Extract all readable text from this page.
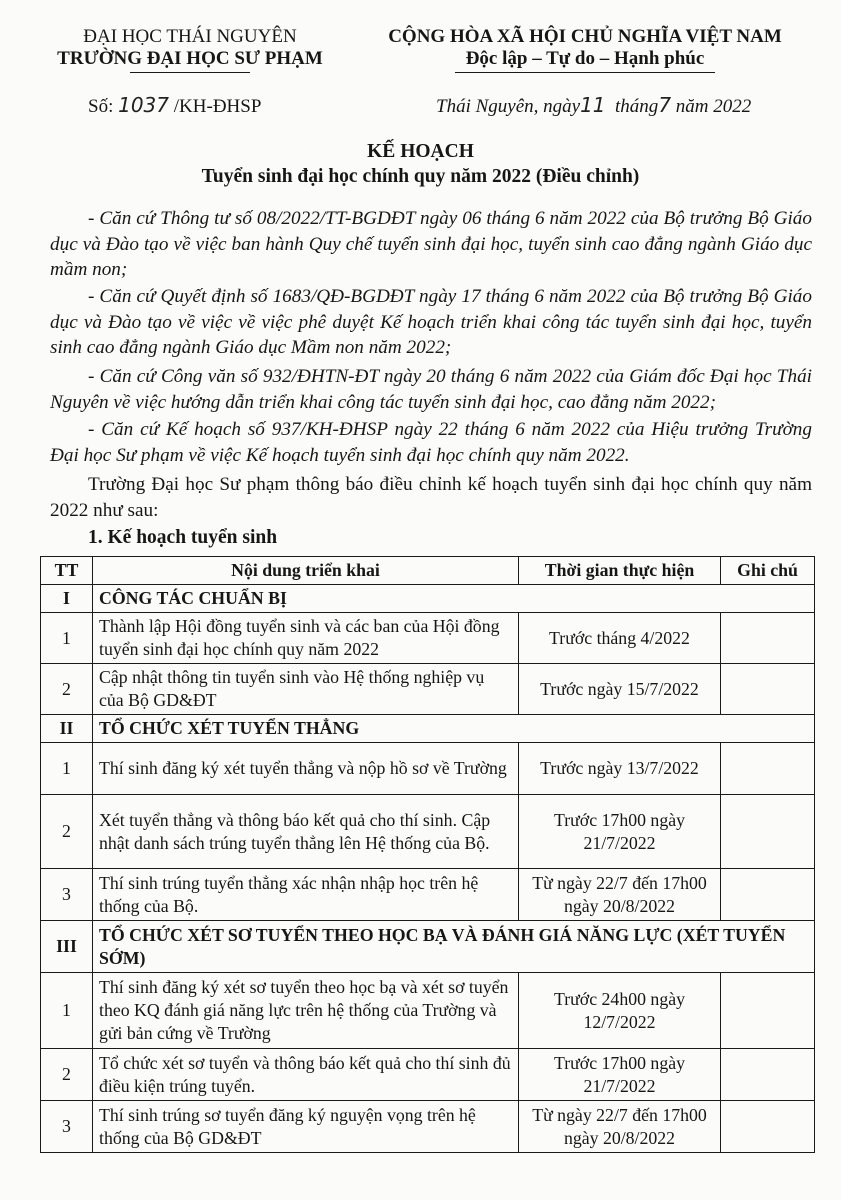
ĐẠI HỌC THÁI NGUYÊN
TRƯỜNG ĐẠI HỌC SƯ PHẠM
CỘNG HÒA XÃ HỘI CHỦ NGHĨA VIỆT NAM
Độc lập – Tự do – Hạnh phúc
Số: 1037 /KH-ĐHSP	Thái Nguyên, ngày11 tháng7 năm 2022
KẾ HOẠCH
Tuyển sinh đại học chính quy năm 2022 (Điều chỉnh)
- Căn cứ Thông tư số 08/2022/TT-BGDĐT ngày 06 tháng 6 năm 2022 của Bộ trưởng Bộ Giáo dục và Đào tạo về việc ban hành Quy chế tuyển sinh đại học, tuyển sinh cao đẳng ngành Giáo dục mầm non;
- Căn cứ Quyết định số 1683/QĐ-BGDĐT ngày 17 tháng 6 năm 2022 của Bộ trưởng Bộ Giáo dục và Đào tạo về việc về việc phê duyệt Kế hoạch triển khai công tác tuyển sinh đại học, tuyển sinh cao đẳng ngành Giáo dục Mầm non năm 2022;
- Căn cứ Công văn số 932/ĐHTN-ĐT ngày 20 tháng 6 năm 2022 của Giám đốc Đại học Thái Nguyên về việc hướng dẫn triển khai công tác tuyển sinh đại học, cao đẳng năm 2022;
- Căn cứ Kế hoạch số 937/KH-ĐHSP ngày 22 tháng 6 năm 2022 của Hiệu trưởng Trường Đại học Sư phạm về việc Kế hoạch tuyển sinh đại học chính quy năm 2022.
Trường Đại học Sư phạm thông báo điều chỉnh kế hoạch tuyển sinh đại học chính quy năm 2022 như sau:
1. Kế hoạch tuyển sinh
TT	Nội dung triển khai	Thời gian thực hiện	Ghi chú
I	CÔNG TÁC CHUẨN BỊ		
1	Thành lập Hội đồng tuyển sinh và các ban của Hội đồng tuyển sinh đại học chính quy năm 2022	Trước tháng 4/2022	
2	Cập nhật thông tin tuyển sinh vào Hệ thống nghiệp vụ của Bộ GD&ĐT	Trước ngày 15/7/2022	
II	TỔ CHỨC XÉT TUYỂN THẲNG		
1	Thí sinh đăng ký xét tuyển thẳng và nộp hồ sơ về Trường	Trước ngày 13/7/2022	
2	Xét tuyển thẳng và thông báo kết quả cho thí sinh. Cập nhật danh sách trúng tuyển thẳng lên Hệ thống của Bộ.	Trước 17h00 ngày 21/7/2022	
3	Thí sinh trúng tuyển thẳng xác nhận nhập học trên hệ thống của Bộ.	Từ ngày 22/7 đến 17h00 ngày 20/8/2022	
III	TỔ CHỨC XÉT SƠ TUYỂN THEO HỌC BẠ VÀ ĐÁNH GIÁ NĂNG LỰC (XÉT TUYỂN SỚM)		
1	Thí sinh đăng ký xét sơ tuyển theo học bạ và xét sơ tuyển theo KQ đánh giá năng lực trên hệ thống của Trường và gửi bản cứng về Trường	Trước 24h00 ngày 12/7/2022	
2	Tổ chức xét sơ tuyển và thông báo kết quả cho thí sinh đủ điều kiện trúng tuyển.	Trước 17h00 ngày 21/7/2022	
3	Thí sinh trúng sơ tuyển đăng ký nguyện vọng trên hệ thống của Bộ GD&ĐT	Từ ngày 22/7 đến 17h00 ngày 20/8/2022	
